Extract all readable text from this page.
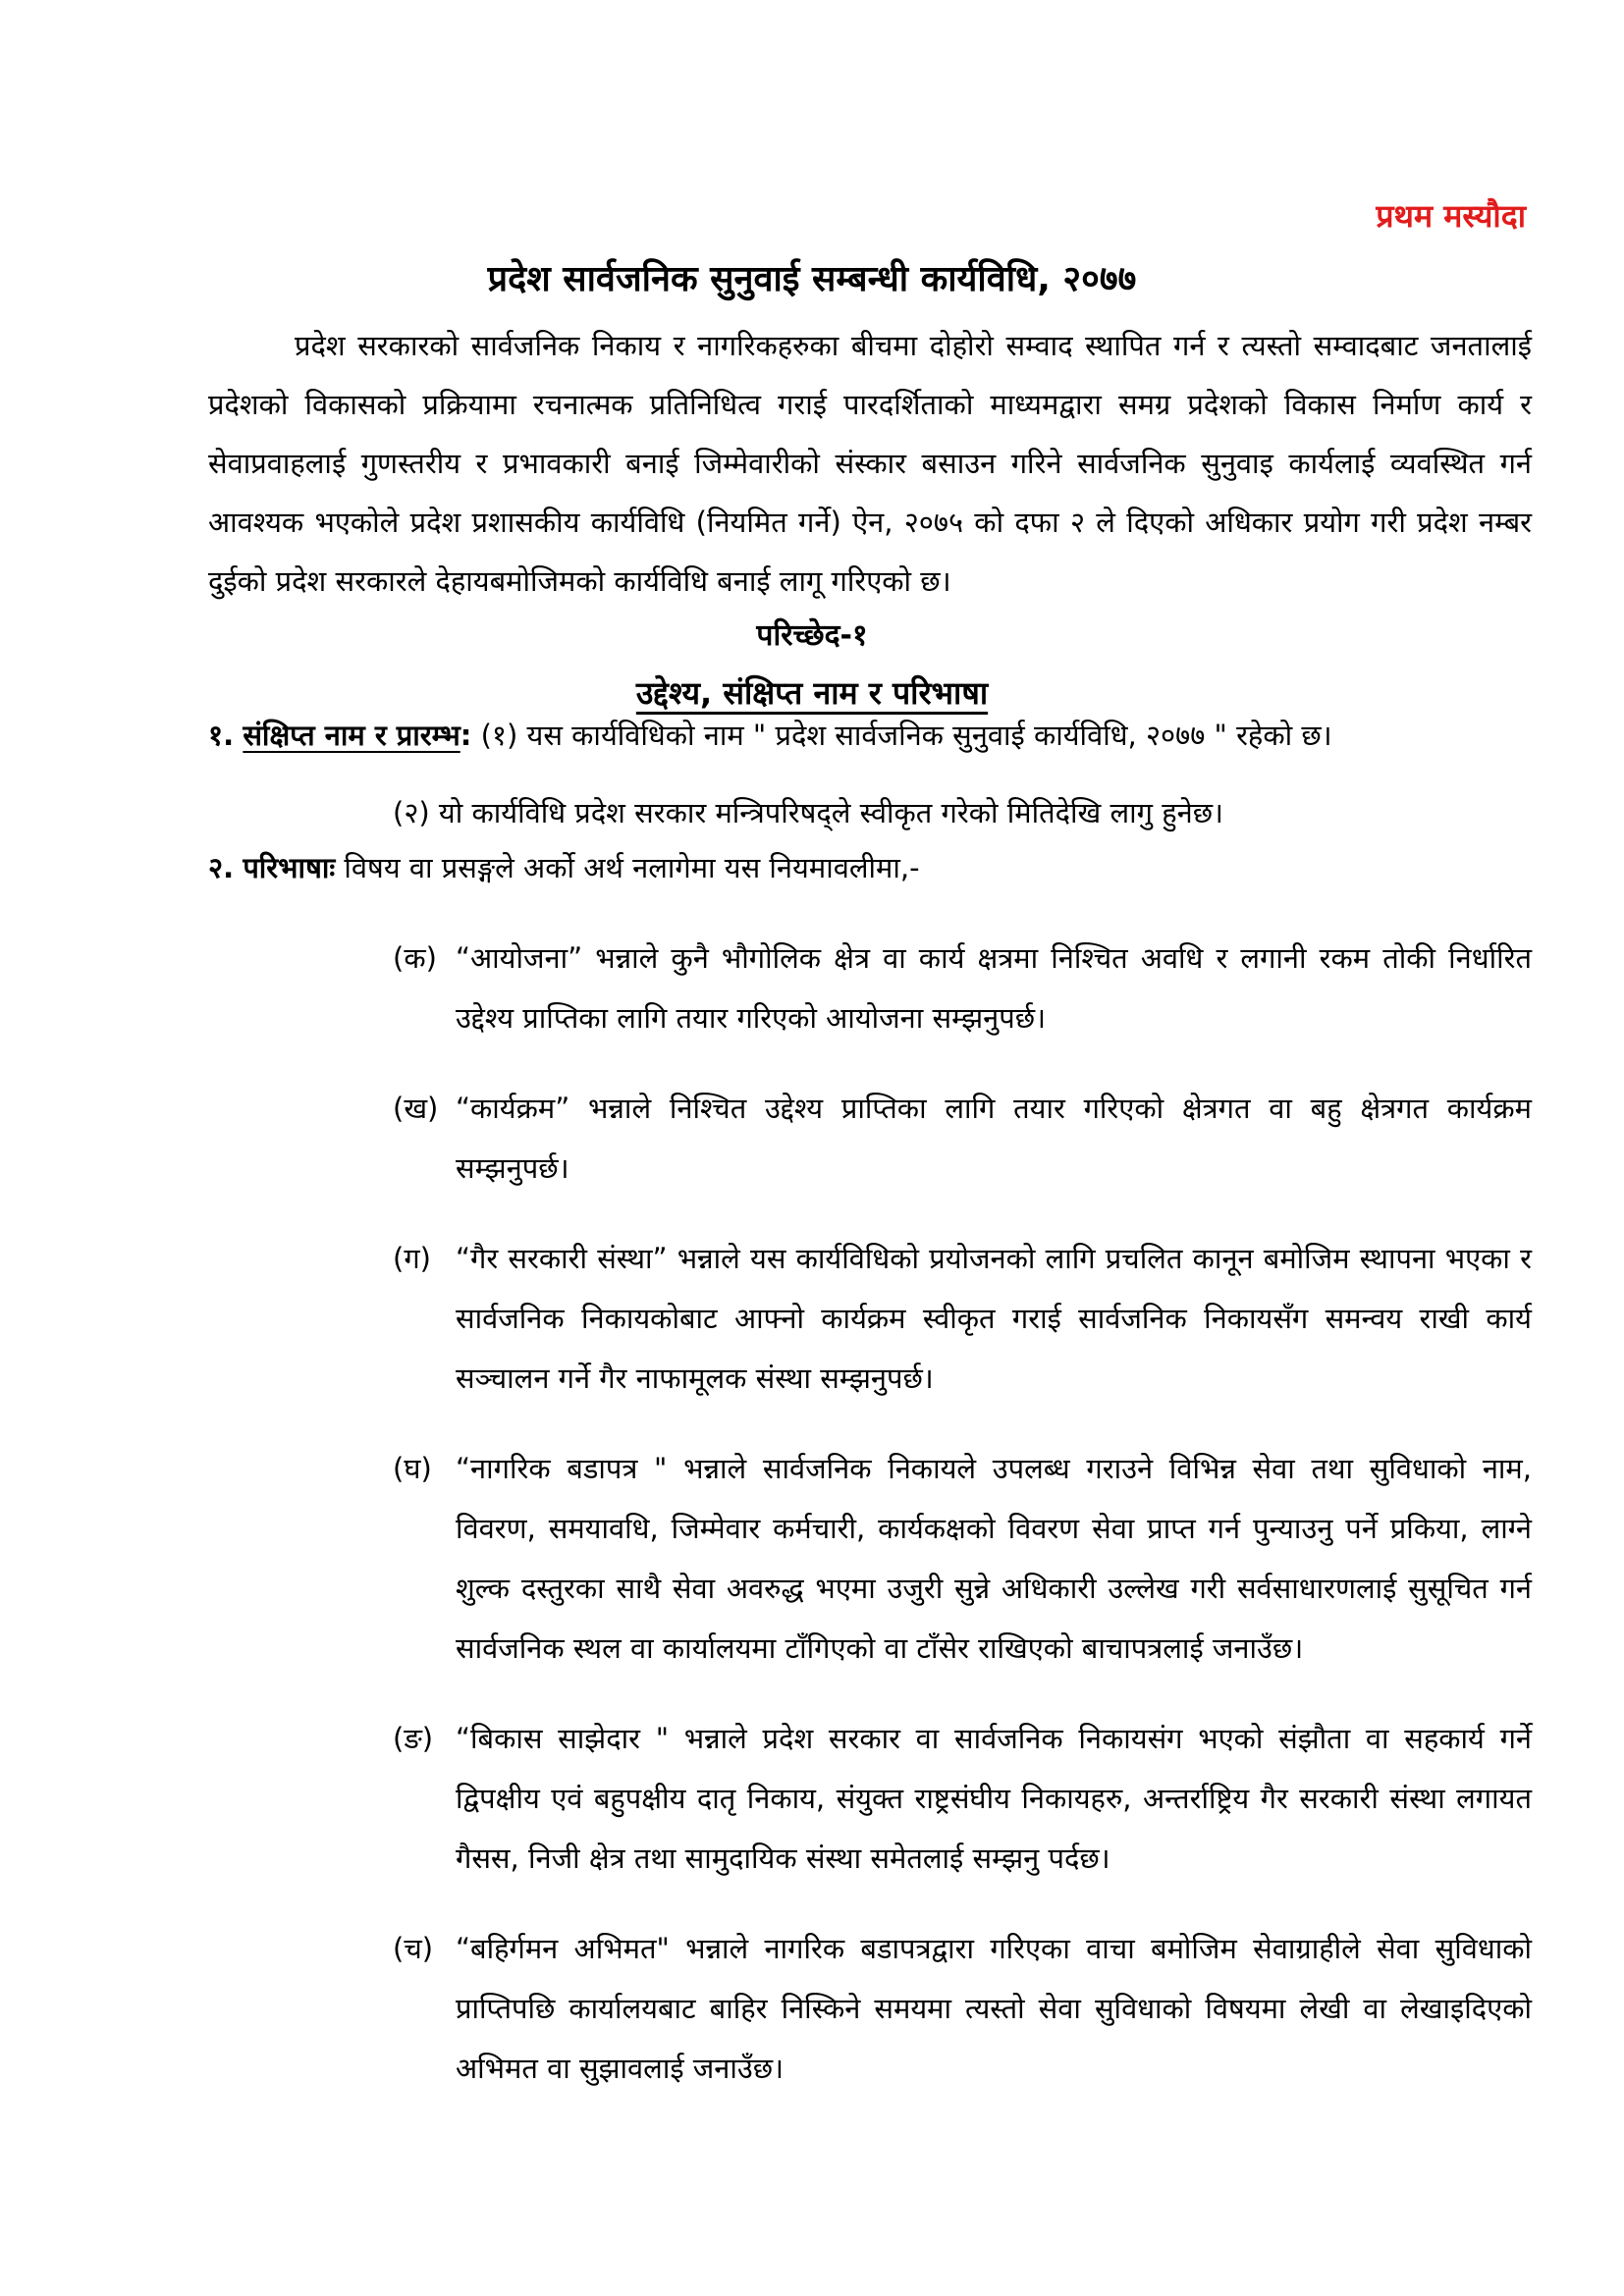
प्रथम मस्यौदा
प्रदेश सार्वजनिक सुनुवाई सम्बन्धी कार्यविधि, २०७७
प्रदेश सरकारको सार्वजनिक निकाय र नागरिकहरुका बीचमा दोहोरो सम्वाद स्थापित गर्न र त्यस्तो सम्वादबाट जनतालाई प्रदेशको विकासको प्रक्रियामा रचनात्मक प्रतिनिधित्व गराई पारदर्शिताको माध्यमद्वारा समग्र प्रदेशको विकास निर्माण कार्य र सेवाप्रवाहलाई गुणस्तरीय र प्रभावकारी बनाई जिम्मेवारीको संस्कार बसाउन गरिने सार्वजनिक सुनुवाइ कार्यलाई व्यवस्थित गर्न आवश्यक भएकोले प्रदेश प्रशासकीय कार्यविधि (नियमित गर्ने) ऐन, २०७५ को दफा २ ले दिएको अधिकार प्रयोग गरी प्रदेश नम्बर दुईको प्रदेश सरकारले देहायबमोजिमको कार्यविधि बनाई लागू गरिएको छ।
परिच्छेद-१
उद्देश्य, संक्षिप्त नाम र परिभाषा
१. संक्षिप्त नाम र प्रारम्भ: (१) यस कार्यविधिको नाम " प्रदेश सार्वजनिक सुनुवाई कार्यविधि, २०७७ " रहेको छ।
(२) यो कार्यविधि प्रदेश सरकार मन्त्रिपरिषद्ले स्वीकृत गरेको मितिदेखि लागु हुनेछ।
२. परिभाषाः विषय वा प्रसङ्गले अर्को अर्थ नलागेमा यस नियमावलीमा,-
(क) “आयोजना” भन्नाले कुनै भौगोलिक क्षेत्र वा कार्य क्षत्रमा निश्चित अवधि र लगानी रकम तोकी निर्धारित उद्देश्य प्राप्तिका लागि तयार गरिएको आयोजना सम्झनुपर्छ।
(ख) “कार्यक्रम” भन्नाले निश्चित उद्देश्य प्राप्तिका लागि तयार गरिएको क्षेत्रगत वा बहु क्षेत्रगत कार्यक्रम सम्झनुपर्छ।
(ग) “गैर सरकारी संस्था” भन्नाले यस कार्यविधिको प्रयोजनको लागि प्रचलित कानून बमोजिम स्थापना भएका र सार्वजनिक निकायकोबाट आफ्नो कार्यक्रम स्वीकृत गराई सार्वजनिक निकायसँग समन्वय राखी कार्य सञ्चालन गर्ने गैर नाफामूलक संस्था सम्झनुपर्छ।
(घ) “नागरिक बडापत्र " भन्नाले सार्वजनिक निकायले उपलब्ध गराउने विभिन्न सेवा तथा सुविधाको नाम, विवरण, समयावधि, जिम्मेवार कर्मचारी, कार्यकक्षको विवरण सेवा प्राप्त गर्न पुन्याउनु पर्ने प्रकिया, लाग्ने शुल्क दस्तुरका साथै सेवा अवरुद्ध भएमा उजुरी सुन्ने अधिकारी उल्लेख गरी सर्वसाधारणलाई सुसूचित गर्न सार्वजनिक स्थल वा कार्यालयमा टाँगिएको वा टाँसेर राखिएको बाचापत्रलाई जनाउँछ।
(ङ) “बिकास साझेदार " भन्नाले प्रदेश सरकार वा सार्वजनिक निकायसंग भएको संझौता वा सहकार्य गर्ने द्विपक्षीय एवं बहुपक्षीय दातृ निकाय, संयुक्त राष्ट्रसंघीय निकायहरु, अन्तर्राष्ट्रिय गैर सरकारी संस्था लगायत गैसस, निजी क्षेत्र तथा सामुदायिक संस्था समेतलाई सम्झनु पर्दछ।
(च) “बहिर्गमन अभिमत" भन्नाले नागरिक बडापत्रद्वारा गरिएका वाचा बमोजिम सेवाग्राहीले सेवा सुविधाको प्राप्तिपछि कार्यालयबाट बाहिर निस्किने समयमा त्यस्तो सेवा सुविधाको विषयमा लेखी वा लेखाइदिएको अभिमत वा सुझावलाई जनाउँछ।
